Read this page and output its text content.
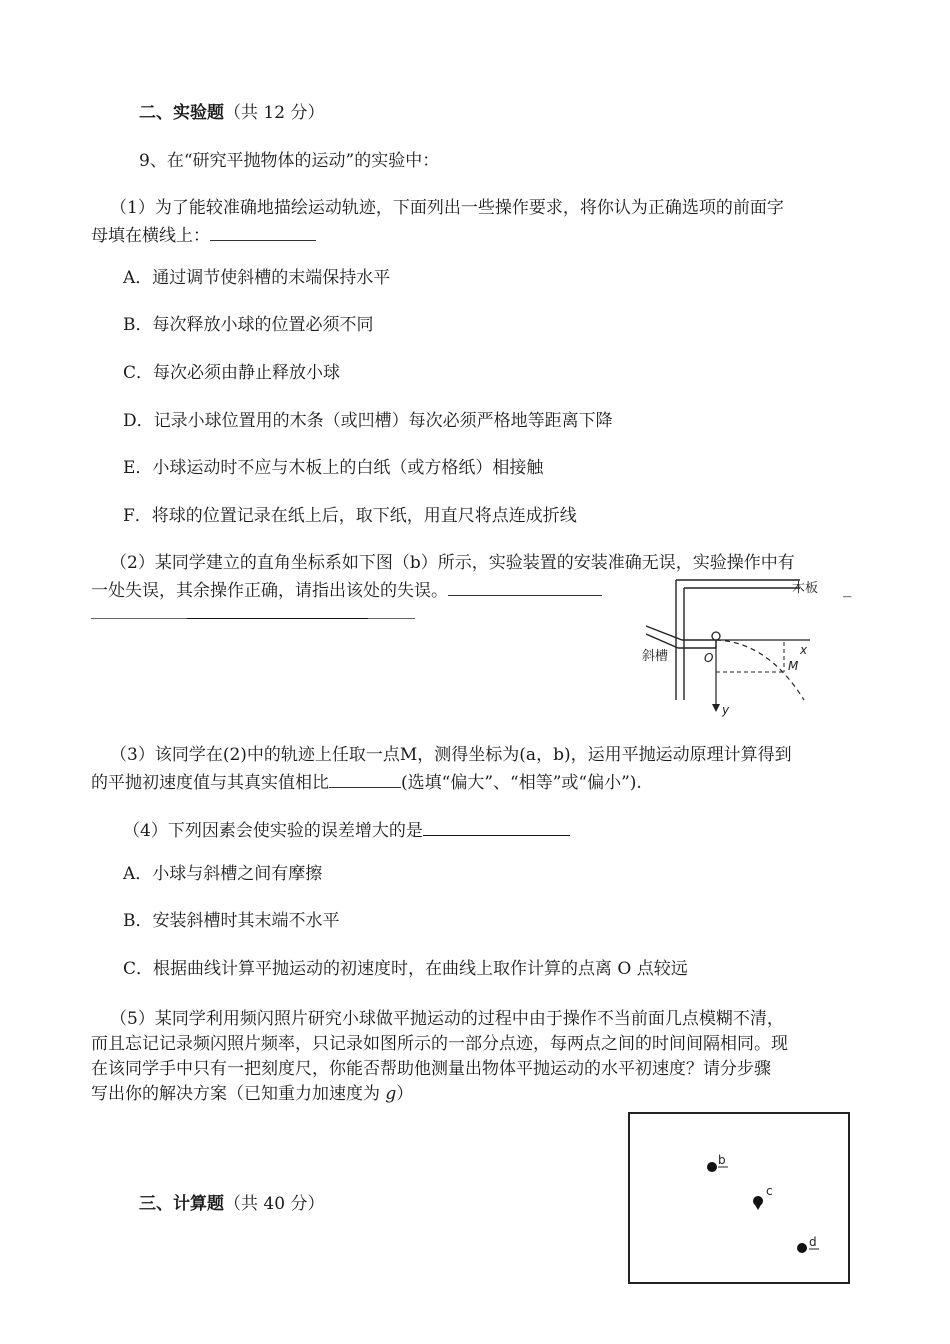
二、实验题（共 12 分）
9、在“研究平抛物体的运动”的实验中：
（1）为了能较准确地描绘运动轨迹，下面列出一些操作要求，将你认为正确选项的前面字
母填在横线上：
A．通过调节使斜槽的末端保持水平
B．每次释放小球的位置必须不同
C．每次必须由静止释放小球
D．记录小球位置用的木条（或凹槽）每次必须严格地等距离下降
E．小球运动时不应与木板上的白纸（或方格纸）相接触
F．将球的位置记录在纸上后，取下纸，用直尺将点连成折线
（2）某同学建立的直角坐标系如下图（b）所示，实验装置的安装准确无误，实验操作中有
一处失误，其余操作正确，请指出该处的失误。	_
木板
斜槽	x
y
O
M
（3）该同学在(2)中的轨迹上任取一点M，测得坐标为(a，b)，运用平抛运动原理计算得到
的平抛初速度值与其真实值相比	(选填“偏大”、“相等”或“偏小”).
（4）下列因素会使实验的误差增大的是
A．小球与斜槽之间有摩擦
B．安装斜槽时其末端不水平
C．根据曲线计算平抛运动的初速度时，在曲线上取作计算的点离 O 点较远
（5）某同学利用频闪照片研究小球做平抛运动的过程中由于操作不当前面几点模糊不清，
而且忘记记录频闪照片频率，只记录如图所示的一部分点迹，每两点之间的时间间隔相同。现
在该同学手中只有一把刻度尺，你能否帮助他测量出物体平抛运动的水平初速度？请分步骤
写出你的解决方案（已知重力加速度为 g）
b
c
d
三、计算题（共 40 分）
